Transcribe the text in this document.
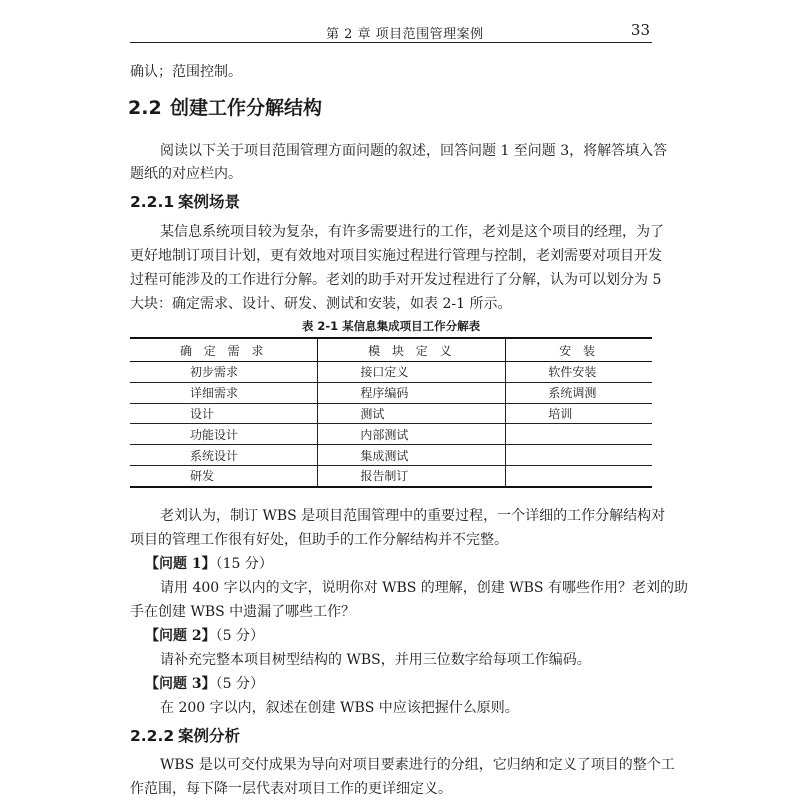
第 2 章 项目范围管理案例	33
确认；范围控制。
2.2 创建工作分解结构
阅读以下关于项目范围管理方面问题的叙述，回答问题 1 至问题 3，将解答填入答
题纸的对应栏内。
2.2.1 案例场景
某信息系统项目较为复杂，有许多需要进行的工作，老刘是这个项目的经理，为了
更好地制订项目计划，更有效地对项目实施过程进行管理与控制，老刘需要对项目开发
过程可能涉及的工作进行分解。老刘的助手对开发过程进行了分解，认为可以划分为 5
大块：确定需求、设计、研发、测试和安装，如表 2-1 所示。
表 2-1 某信息集成项目工作分解表
确 定 需 求	模 块 定 义	安 装
初步需求	接口定义	软件安装
详细需求	程序编码	系统调测
设计	测试	培训
功能设计	内部测试	
系统设计	集成测试	
研发	报告制订	
老刘认为，制订 WBS 是项目范围管理中的重要过程，一个详细的工作分解结构对
项目的管理工作很有好处，但助手的工作分解结构并不完整。
【问题 1】（15 分）
请用 400 字以内的文字，说明你对 WBS 的理解，创建 WBS 有哪些作用？老刘的助
手在创建 WBS 中遗漏了哪些工作？
【问题 2】（5 分）
请补充完整本项目树型结构的 WBS，并用三位数字给每项工作编码。
【问题 3】（5 分）
在 200 字以内，叙述在创建 WBS 中应该把握什么原则。
2.2.2 案例分析
WBS 是以可交付成果为导向对项目要素进行的分组，它归纳和定义了项目的整个工
作范围，每下降一层代表对项目工作的更详细定义。
